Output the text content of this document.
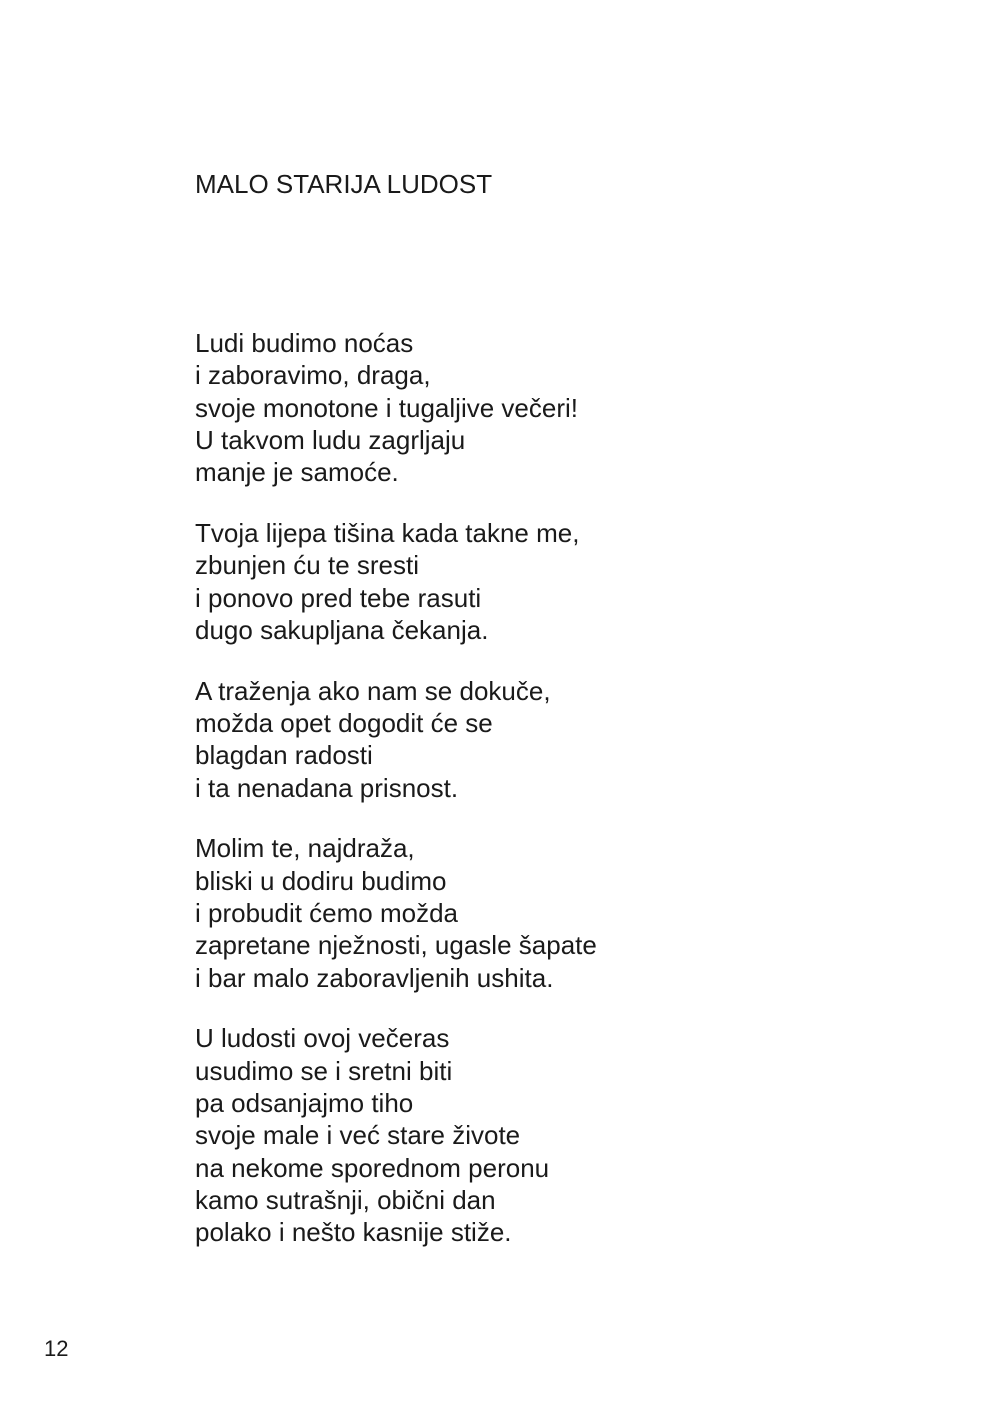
MALO STARIJA LUDOST
Ludi budimo noćas
i zaboravimo, draga,
svoje monotone i tugaljive večeri!
U takvom ludu zagrljaju
manje je samoće.
Tvoja lijepa tišina kada takne me,
zbunjen ću te sresti
i ponovo pred tebe rasuti
dugo sakupljana čekanja.
A traženja ako nam se dokuče,
možda opet dogodit će se
blagdan radosti
i ta nenadana prisnost.
Molim te, najdraža,
bliski u dodiru budimo
i probudit ćemo možda
zapretane nježnosti, ugasle šapate
i bar malo zaboravljenih ushita.
U ludosti ovoj večeras
usudimo se i sretni biti
pa odsanjajmo tiho
svoje male i već stare živote
na nekome sporednom peronu
kamo sutrašnji, obični dan
polako i nešto kasnije stiže.
12
